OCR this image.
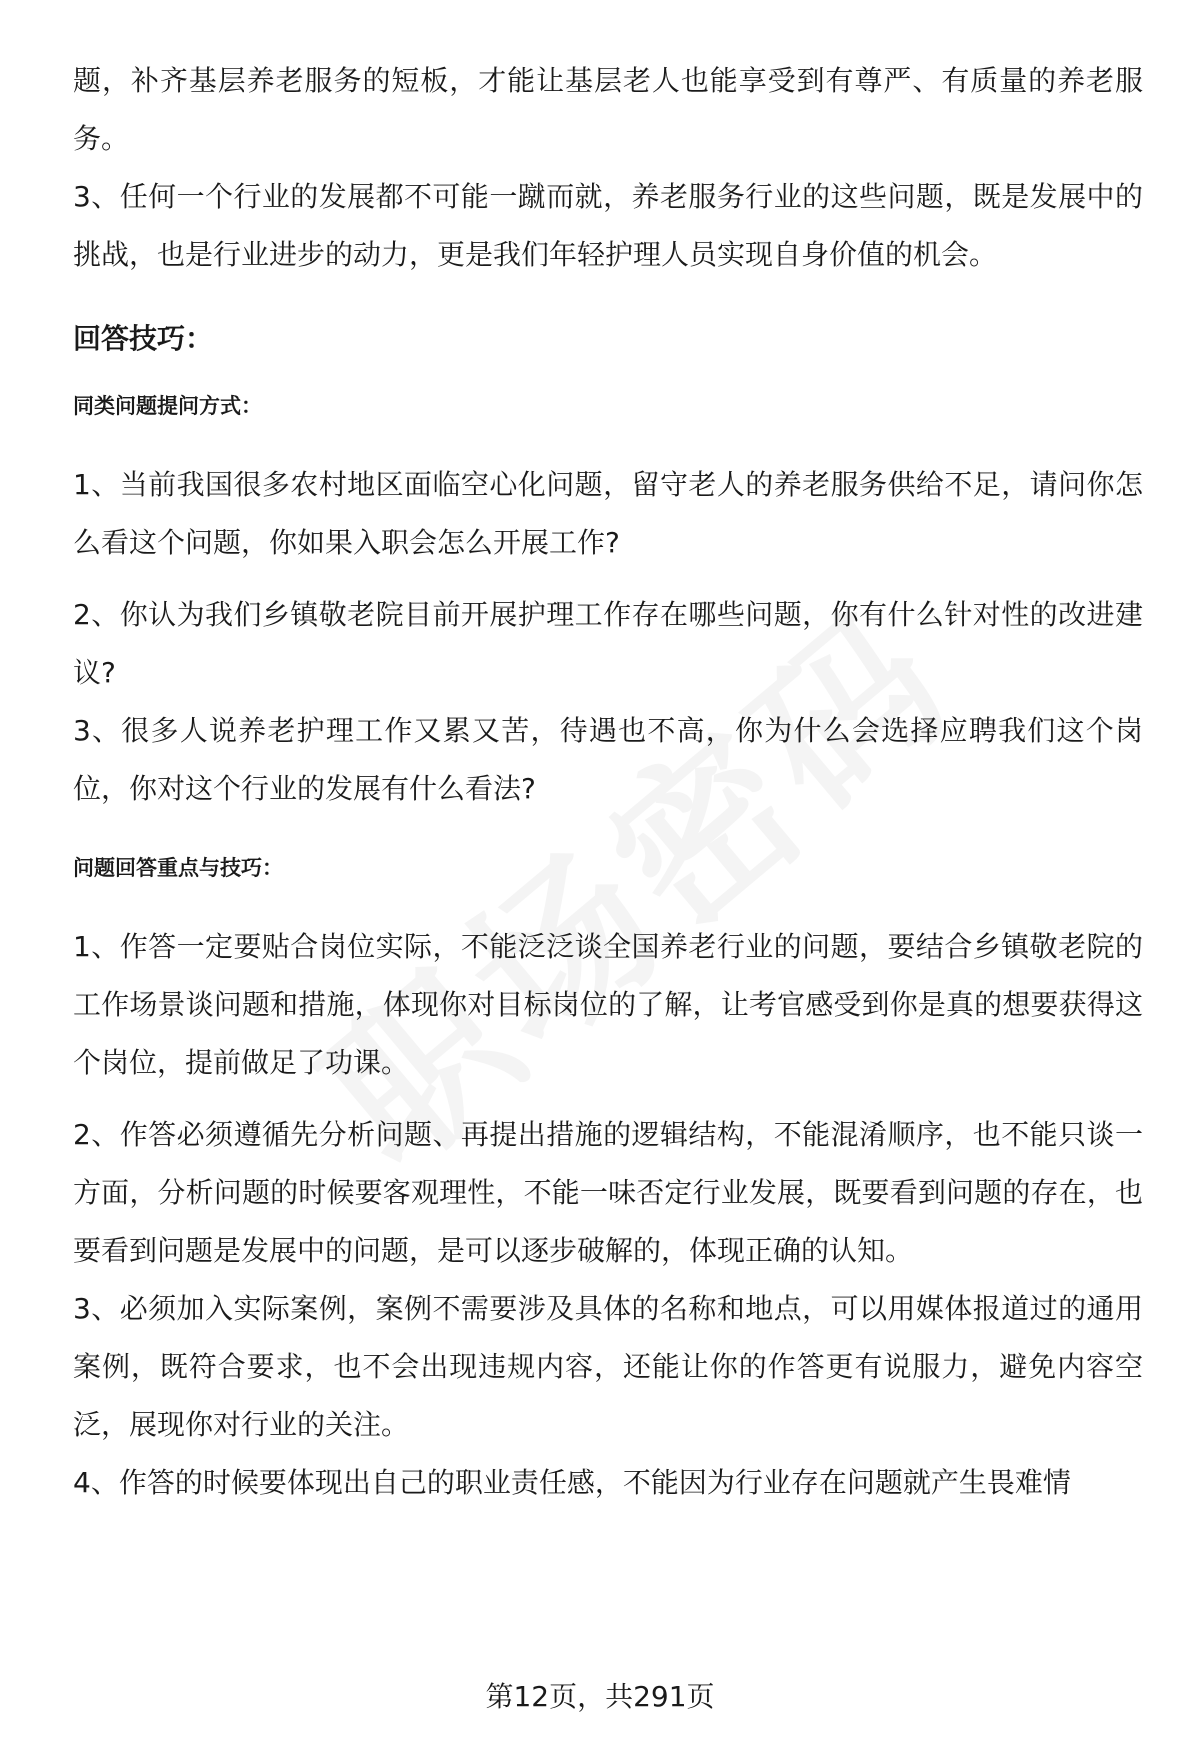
题，补齐基层养老服务的短板，才能让基层老人也能享受到有尊严、有质量的养老服务。

3、任何一个行业的发展都不可能一蹴而就，养老服务行业的这些问题，既是发展中的挑战，也是行业进步的动力，更是我们年轻护理人员实现自身价值的机会。

回答技巧：

同类问题提问方式：

1、当前我国很多农村地区面临空心化问题，留守老人的养老服务供给不足，请问你怎么看这个问题，你如果入职会怎么开展工作?

2、你认为我们乡镇敬老院目前开展护理工作存在哪些问题，你有什么针对性的改进建议?

3、很多人说养老护理工作又累又苦，待遇也不高，你为什么会选择应聘我们这个岗位，你对这个行业的发展有什么看法?

问题回答重点与技巧：

1、作答一定要贴合岗位实际，不能泛泛谈全国养老行业的问题，要结合乡镇敬老院的工作场景谈问题和措施，体现你对目标岗位的了解，让考官感受到你是真的想要获得这个岗位，提前做足了功课。

2、作答必须遵循先分析问题、再提出措施的逻辑结构，不能混淆顺序，也不能只谈一方面，分析问题的时候要客观理性，不能一味否定行业发展，既要看到问题的存在，也要看到问题是发展中的问题，是可以逐步破解的，体现正确的认知。

3、必须加入实际案例，案例不需要涉及具体的名称和地点，可以用媒体报道过的通用案例，既符合要求，也不会出现违规内容，还能让你的作答更有说服力，避免内容空泛，展现你对行业的关注。

4、作答的时候要体现出自己的职业责任感，不能因为行业存在问题就产生畏难情

第12页，共291页
